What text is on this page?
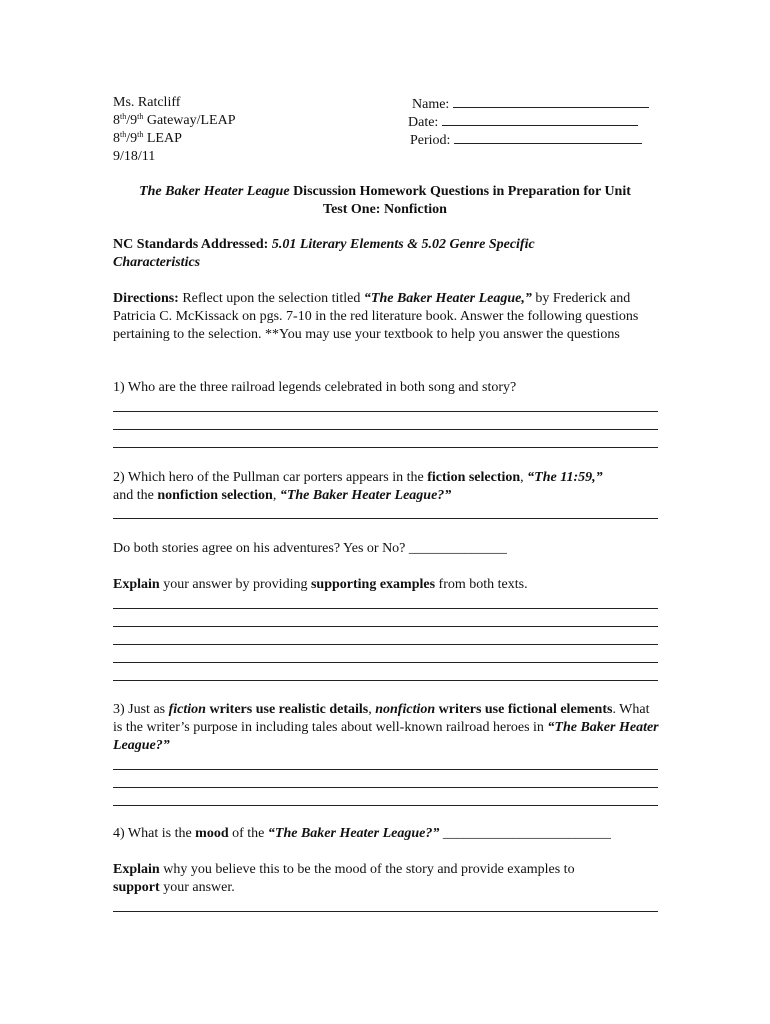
Ms. Ratcliff
8th/9th Gateway/LEAP
8th/9th LEAP
9/18/11
Name:
Date:
Period:
The Baker Heater League Discussion Homework Questions in Preparation for Unit
Test One: Nonfiction
NC Standards Addressed: 5.01 Literary Elements & 5.02 Genre Specific Characteristics
Directions: Reflect upon the selection titled “The Baker Heater League,” by Frederick and Patricia C. McKissack on pgs. 7-10 in the red literature book. Answer the following questions pertaining to the selection. **You may use your textbook to help you answer the questions
1) Who are the three railroad legends celebrated in both song and story?
2) Which hero of the Pullman car porters appears in the fiction selection, “The 11:59,”
and the nonfiction selection, “The Baker Heater League?”
Do both stories agree on his adventures? Yes or No? ______________
Explain your answer by providing supporting examples from both texts.
3) Just as fiction writers use realistic details, nonfiction writers use fictional elements. What is the writer’s purpose in including tales about well-known railroad heroes in “The Baker Heater League?”
4) What is the mood of the “The Baker Heater League?” ________________________
Explain why you believe this to be the mood of the story and provide examples to support your answer.
